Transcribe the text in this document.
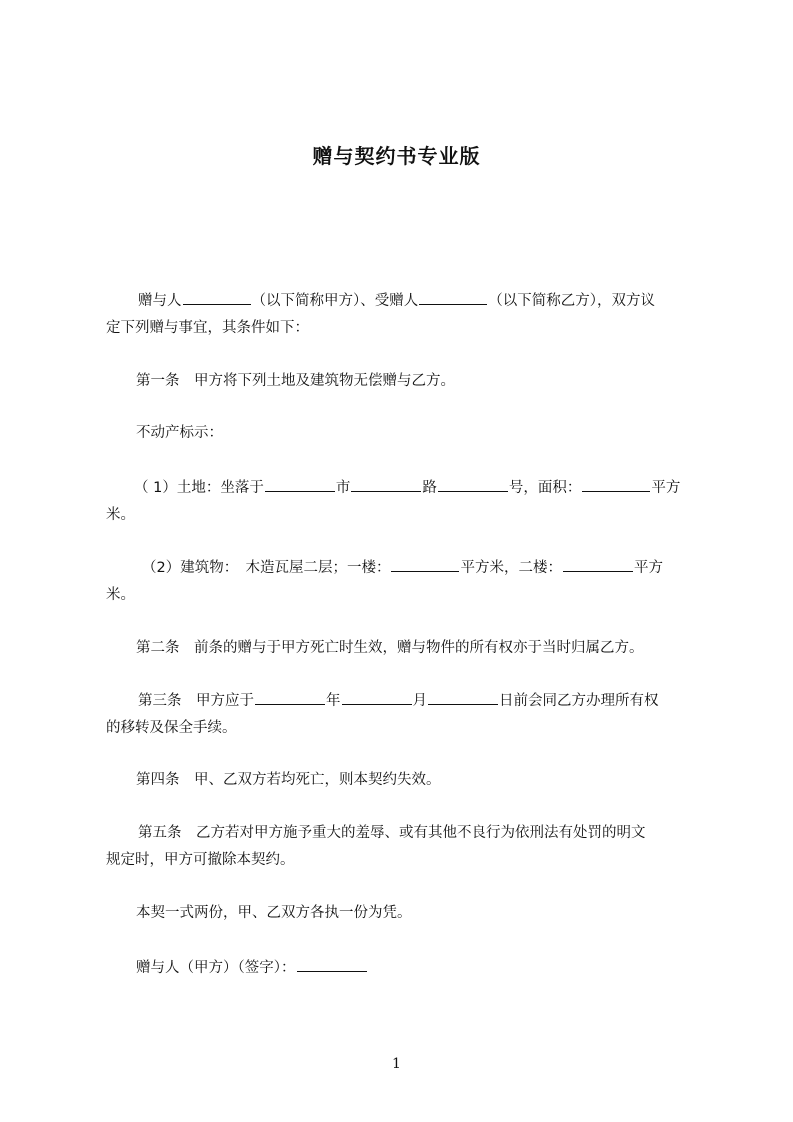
赠与契约书专业版
赠与人	（以下简称甲方）、受赠人	（以下简称乙方），双方议
定下列赠与事宜，其条件如下：
第一条　甲方将下列土地及建筑物无偿赠与乙方。
不动产标示：
（ 1）土地：坐落于	市	路	号，面积：	平方
米。
（2）建筑物：　木造瓦屋二层；一楼：	平方米，二楼：	平方
米。
第二条　前条的赠与于甲方死亡时生效，赠与物件的所有权亦于当时归属乙方。
第三条　甲方应于	年	月	日前会同乙方办理所有权
的移转及保全手续。
第四条　甲、乙双方若均死亡，则本契约失效。
第五条　乙方若对甲方施予重大的羞辱、或有其他不良行为依刑法有处罚的明文
规定时，甲方可撤除本契约。
本契一式两份，甲、乙双方各执一份为凭。
赠与人（甲方）（签字）：
1
